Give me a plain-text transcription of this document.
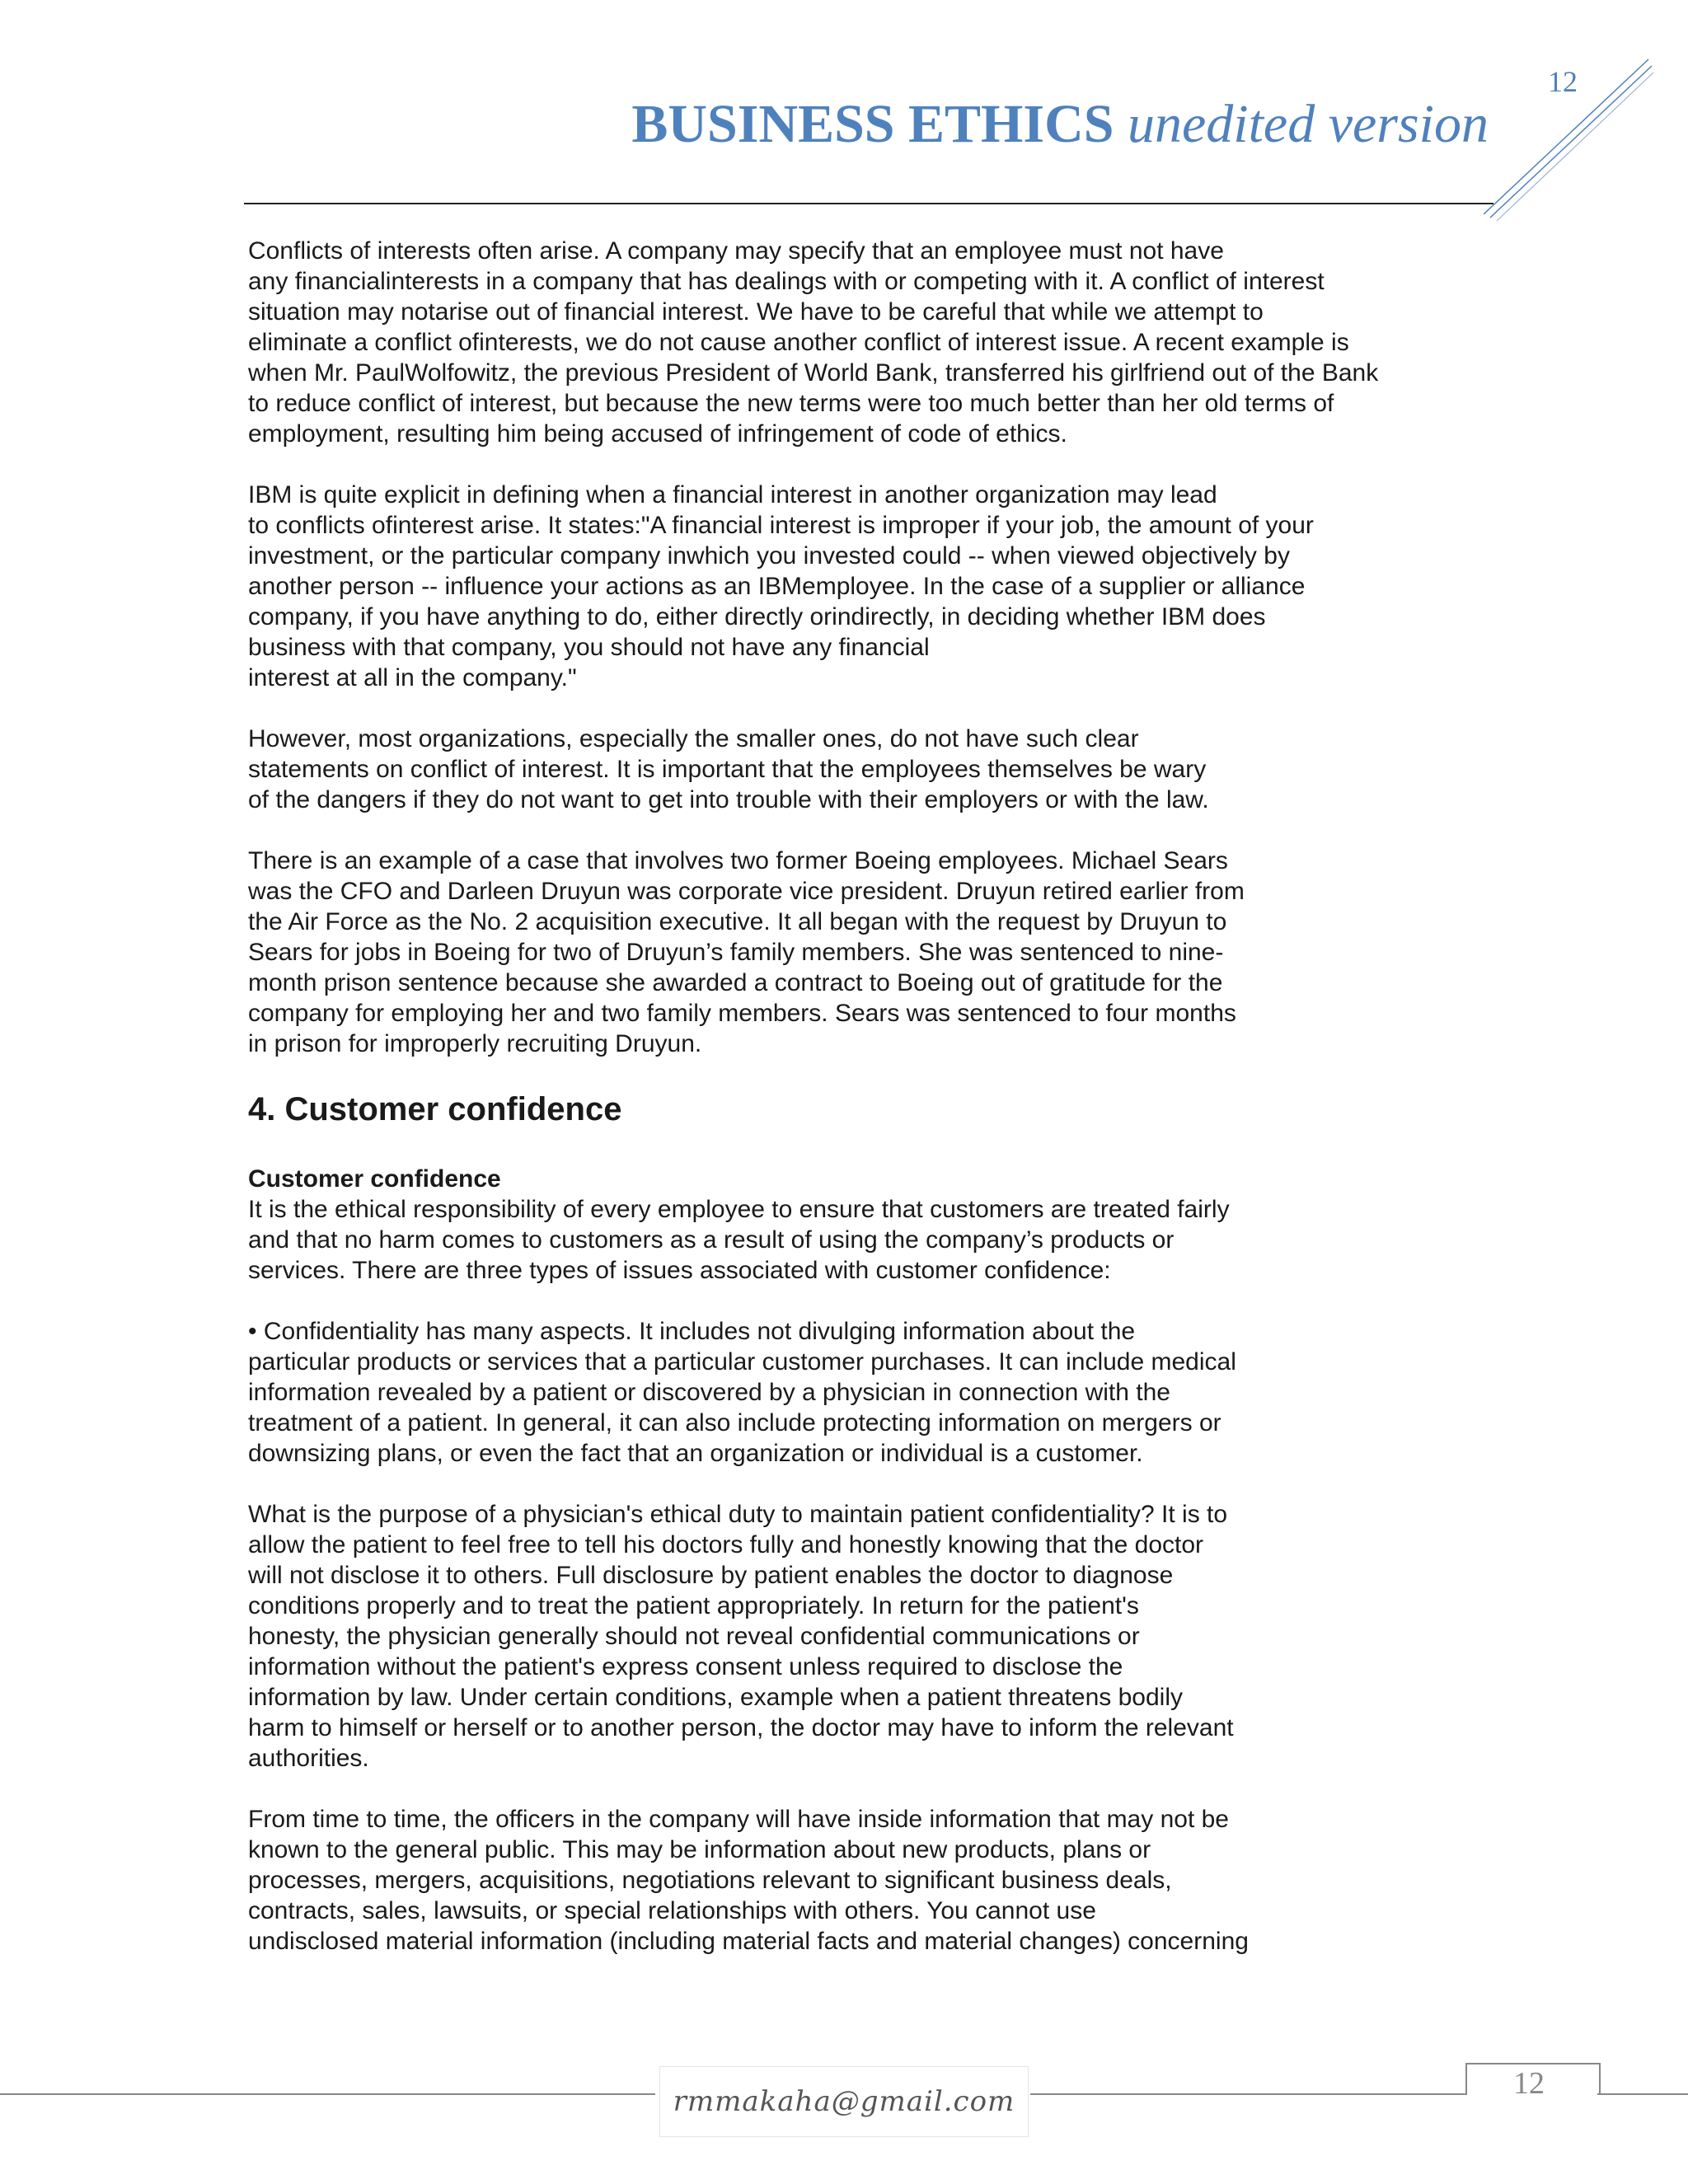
12
BUSINESS ETHICS unedited version
Conflicts of interests often arise. A company may specify that an employee must not have
any financialinterests in a company that has dealings with or competing with it. A conflict of interest
situation may notarise out of financial interest. We have to be careful that while we attempt to
eliminate a conflict ofinterests, we do not cause another conflict of interest issue. A recent example is
when Mr. PaulWolfowitz, the previous President of World Bank, transferred his girlfriend out of the Bank
to reduce conflict of interest, but because the new terms were too much better than her old terms of
employment, resulting him being accused of infringement of code of ethics.
IBM is quite explicit in defining when a financial interest in another organization may lead
to conflicts ofinterest arise. It states:"A financial interest is improper if your job, the amount of your
investment, or the particular company inwhich you invested could -- when viewed objectively by
another person -- influence your actions as an IBMemployee. In the case of a supplier or alliance
company, if you have anything to do, either directly orindirectly, in deciding whether IBM does
business with that company, you should not have any financial
interest at all in the company."
However, most organizations, especially the smaller ones, do not have such clear
statements on conflict of interest. It is important that the employees themselves be wary
of the dangers if they do not want to get into trouble with their employers or with the law.
There is an example of a case that involves two former Boeing employees. Michael Sears
was the CFO and Darleen Druyun was corporate vice president. Druyun retired earlier from
the Air Force as the No. 2 acquisition executive. It all began with the request by Druyun to
Sears for jobs in Boeing for two of Druyun’s family members. She was sentenced to nine-
month prison sentence because she awarded a contract to Boeing out of gratitude for the
company for employing her and two family members. Sears was sentenced to four months
in prison for improperly recruiting Druyun.
4. Customer confidence
Customer confidence
It is the ethical responsibility of every employee to ensure that customers are treated fairly
and that no harm comes to customers as a result of using the company’s products or
services. There are three types of issues associated with customer confidence:
• Confidentiality has many aspects. It includes not divulging information about the
particular products or services that a particular customer purchases. It can include medical
information revealed by a patient or discovered by a physician in connection with the
treatment of a patient. In general, it can also include protecting information on mergers or
downsizing plans, or even the fact that an organization or individual is a customer.
What is the purpose of a physician's ethical duty to maintain patient confidentiality? It is to
allow the patient to feel free to tell his doctors fully and honestly knowing that the doctor
will not disclose it to others. Full disclosure by patient enables the doctor to diagnose
conditions properly and to treat the patient appropriately. In return for the patient's
honesty, the physician generally should not reveal confidential communications or
information without the patient's express consent unless required to disclose the
information by law. Under certain conditions, example when a patient threatens bodily
harm to himself or herself or to another person, the doctor may have to inform the relevant
authorities.
From time to time, the officers in the company will have inside information that may not be
known to the general public. This may be information about new products, plans or
processes, mergers, acquisitions, negotiations relevant to significant business deals,
contracts, sales, lawsuits, or special relationships with others. You cannot use
undisclosed material information (including material facts and material changes) concerning
rmmakaha@gmail.com
12
